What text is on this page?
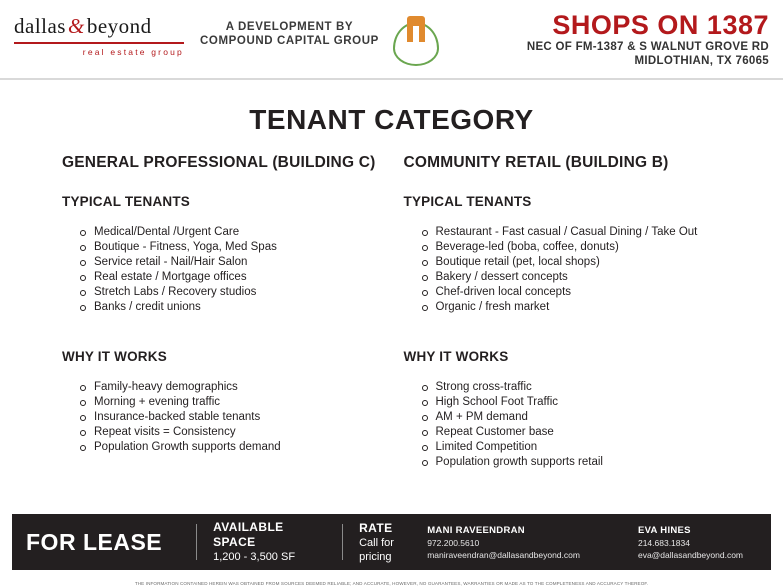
dallas&beyond
real estate group
A DEVELOPMENT BY
COMPOUND CAPITAL GROUP
SHOPS ON 1387
NEC OF FM-1387 & S WALNUT GROVE RD
MIDLOTHIAN, TX 76065
TENANT CATEGORY
GENERAL PROFESSIONAL (BUILDING C)
TYPICAL TENANTS
Medical/Dental /Urgent Care
Boutique - Fitness, Yoga, Med Spas
Service retail - Nail/Hair Salon
Real estate / Mortgage offices
Stretch Labs / Recovery studios
Banks / credit unions
WHY IT WORKS
Family-heavy demographics
Morning + evening traffic
Insurance-backed stable tenants
Repeat visits = Consistency
Population Growth supports demand
COMMUNITY RETAIL (BUILDING B)
TYPICAL TENANTS
Restaurant - Fast casual / Casual Dining / Take Out
Beverage-led (boba, coffee, donuts)
Boutique retail (pet, local shops)
Bakery / dessert concepts
Chef-driven local concepts
Organic / fresh market
WHY IT WORKS
Strong cross-traffic
High School Foot Traffic
AM + PM demand
Repeat Customer base
Limited Competition
Population growth supports retail
FOR LEASE
AVAILABLE SPACE
1,200 - 3,500 SF
RATE
Call for pricing
MANI RAVEENDRAN
972.200.5610
maniraveendran@dallasandbeyond.com
EVA HINES
214.683.1834
eva@dallasandbeyond.com
THE INFORMATION CONTAINED HEREIN WAS OBTAINED FROM SOURCES DEEMED RELIABLE; AND ACCURATE, HOWEVER, NO GUARANTEES, WARRANTIES OR MADE AS TO THE COMPLETENESS AND ACCURACY THEREOF.
